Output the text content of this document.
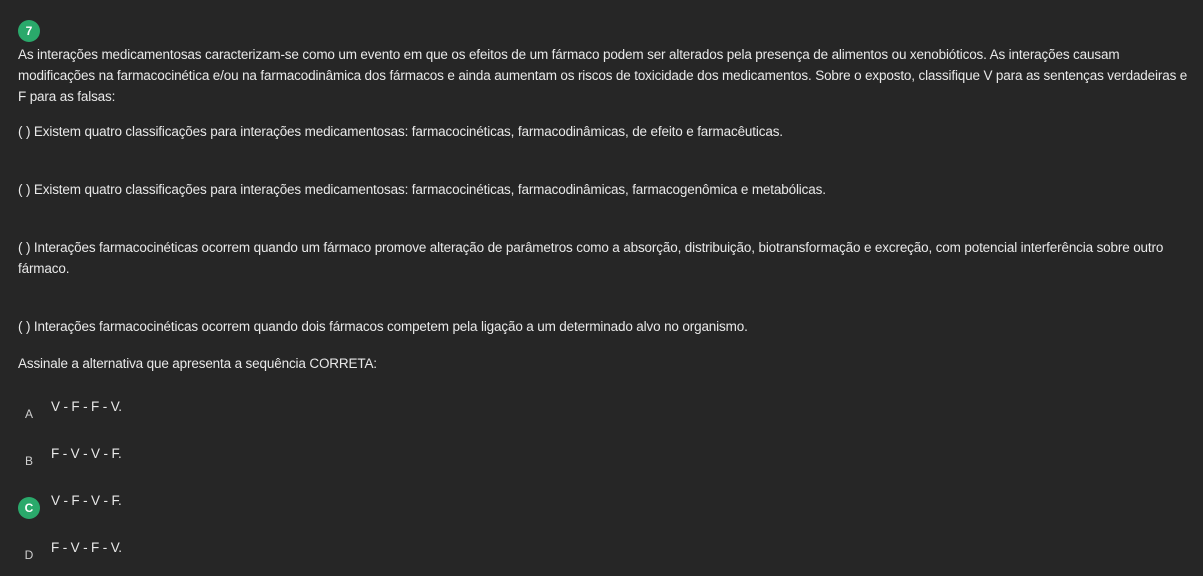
7
As interações medicamentosas caracterizam-se como um evento em que os efeitos de um fármaco podem ser alterados pela presença de alimentos ou xenobióticos. As interações causam modificações na farmacocinética e/ou na farmacodinâmica dos fármacos e ainda aumentam os riscos de toxicidade dos medicamentos. Sobre o exposto, classifique V para as sentenças verdadeiras e F para as falsas:
( ) Existem quatro classificações para interações medicamentosas: farmacocinéticas, farmacodinâmicas, de efeito e farmacêuticas.
( ) Existem quatro classificações para interações medicamentosas: farmacocinéticas, farmacodinâmicas, farmacogenômica e metabólicas.
( ) Interações farmacocinéticas ocorrem quando um fármaco promove alteração de parâmetros como a absorção, distribuição, biotransformação e excreção, com potencial interferência sobre outro fármaco.
( ) Interações farmacocinéticas ocorrem quando dois fármacos competem pela ligação a um determinado alvo no organismo.
Assinale a alternativa que apresenta a sequência CORRETA:
A	V - F - F - V.
B	F - V - V - F.
C	V - F - V - F.
D	F - V - F - V.
